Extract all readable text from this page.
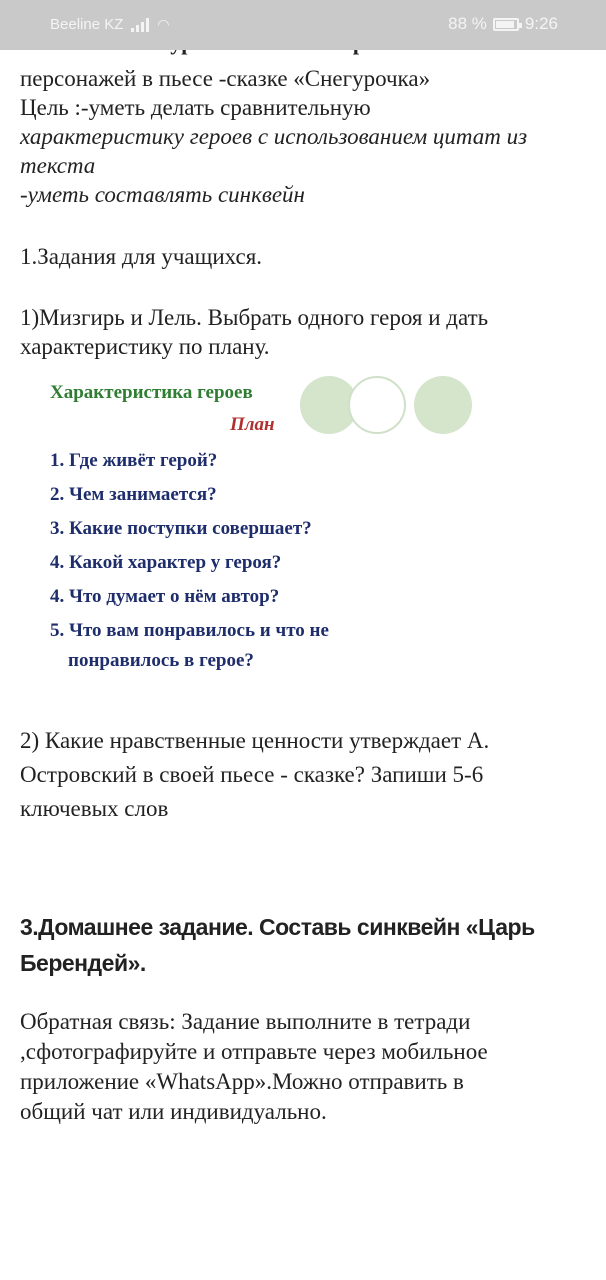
Beeline KZ ◠	88 % 9:26
персонажей в пьесе -сказке «Снегурочка»
Цель :-уметь делать сравнительную
характеристику героев с использованием цитат из
текста
-уметь составлять синквейн
1.Задания для учащихся.
1)Мизгирь и Лель. Выбрать одного героя и дать
характеристику по плану.
Характеристика героев
План
1. Где живёт герой?
2. Чем занимается?
3. Какие поступки совершает?
4. Какой характер у героя?
4. Что думает о нём автор?
5. Что вам понравилось и что не
понравилось в герое?
2) Какие нравственные ценности утверждает А.
Островский в своей пьесе - сказке? Запиши 5-6
ключевых слов
3.Домашнее задание. Составь синквейн «Царь
Берендей».
Обратная связь: Задание выполните в тетради
,сфотографируйте и отправьте через мобильное
приложение «WhatsApp».Можно отправить в
общий чат или индивидуально.
